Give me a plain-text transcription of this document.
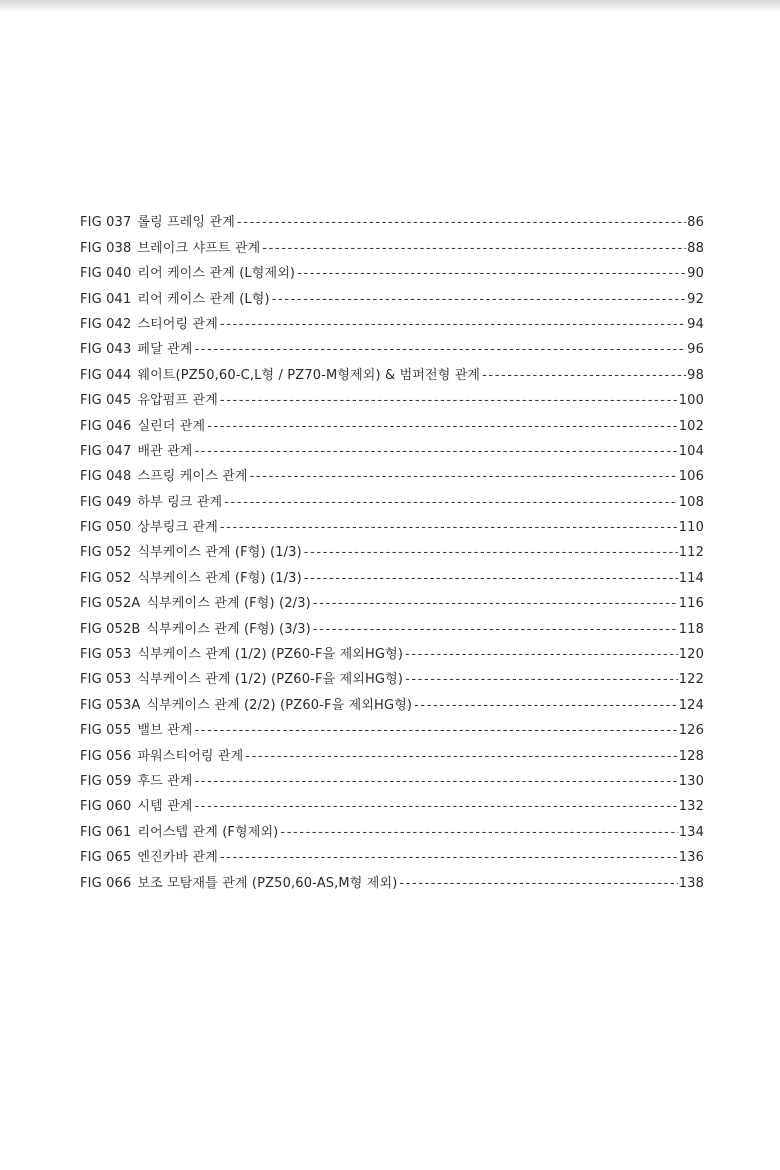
FIG 037 롤링 프레잉 관계 -----	86
FIG 038 브레이크 샤프트 관계 -----	88
FIG 040 리어 케이스 관계 (L형제외) -----	90
FIG 041 리어 케이스 관계 (L형) -----	92
FIG 042 스티어링 관계 -----	94
FIG 043 페달 관계 -----	96
FIG 044 웨이트(PZ50,60-C,L형 / PZ70-M형제외) & 범퍼전형 관계 -----	98
FIG 045 유압펌프 관계 -----	100
FIG 046 실린더 관계 -----	102
FIG 047 배관 관계 -----	104
FIG 048 스프링 케이스 관계 -----	106
FIG 049 하부 링크 관계 -----	108
FIG 050 상부링크 관계 -----	110
FIG 052 식부케이스 관계 (F형) (1/3) -----	112
FIG 052 식부케이스 관계 (F형) (1/3) -----	114
FIG 052A 식부케이스 관계 (F형) (2/3) -----	116
FIG 052B 식부케이스 관계 (F형) (3/3) -----	118
FIG 053 식부케이스 관계 (1/2) (PZ60-F을 제외HG형) -----	120
FIG 053 식부케이스 관계 (1/2) (PZ60-F을 제외HG형) -----	122
FIG 053A 식부케이스 관계 (2/2) (PZ60-F을 제외HG형) -----	124
FIG 055 밸브 관계 -----	126
FIG 056 파워스티어링 관계 -----	128
FIG 059 후드 관계 -----	130
FIG 060 시템 관계 -----	132
FIG 061 리어스텝 관계 (F형제외) -----	134
FIG 065 엔진카바 관계 -----	136
FIG 066 보조 모탐재틀 관계 (PZ50,60-AS,M형 제외) -----	138
